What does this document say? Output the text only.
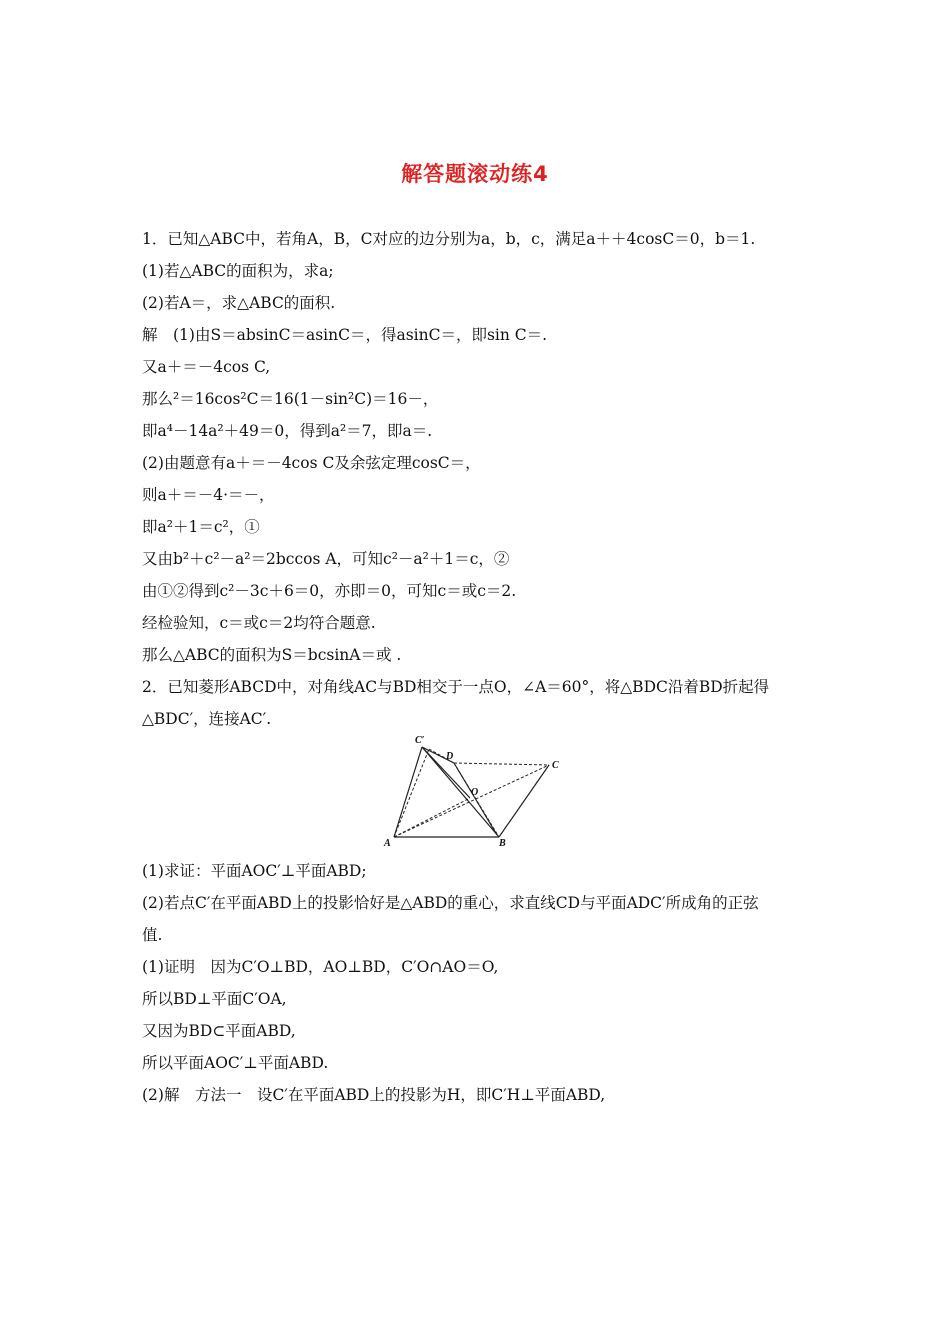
解答题滚动练4
1．已知△ABC中，若角A，B，C对应的边分别为a，b，c，满足a＋＋4cosC＝0，b＝1.
(1)若△ABC的面积为，求a;
(2)若A＝，求△ABC的面积.
解　(1)由S＝absinC＝asinC＝，得asinC＝，即sin C＝.
又a＋＝－4cos C,
那么²＝16cos²C＝16(1－sin²C)＝16－，
即a⁴－14a²＋49＝0，得到a²＝7，即a＝.
(2)由题意有a＋＝－4cos C及余弦定理cosC＝，
则a＋＝－4·＝－，
即a²＋1＝c²，①
又由b²＋c²－a²＝2bccos A，可知c²－a²＋1＝c，②
由①②得到c²－3c＋6＝0，亦即＝0，可知c＝或c＝2.
经检验知，c＝或c＝2均符合题意.
那么△ABC的面积为S＝bcsinA＝或 .
2．已知菱形ABCD中，对角线AC与BD相交于一点O，∠A＝60°，将△BDC沿着BD折起得
△BDC′，连接AC′.
C′
D
C
O
A	B
(1)求证：平面AOC′⊥平面ABD;
(2)若点C′在平面ABD上的投影恰好是△ABD的重心，求直线CD与平面ADC′所成角的正弦
值.
(1)证明　因为C′O⊥BD，AO⊥BD，C′O∩AO＝O,
所以BD⊥平面C′OA,
又因为BD⊂平面ABD,
所以平面AOC′⊥平面ABD.
(2)解　方法一　设C′在平面ABD上的投影为H，即C′H⊥平面ABD,
